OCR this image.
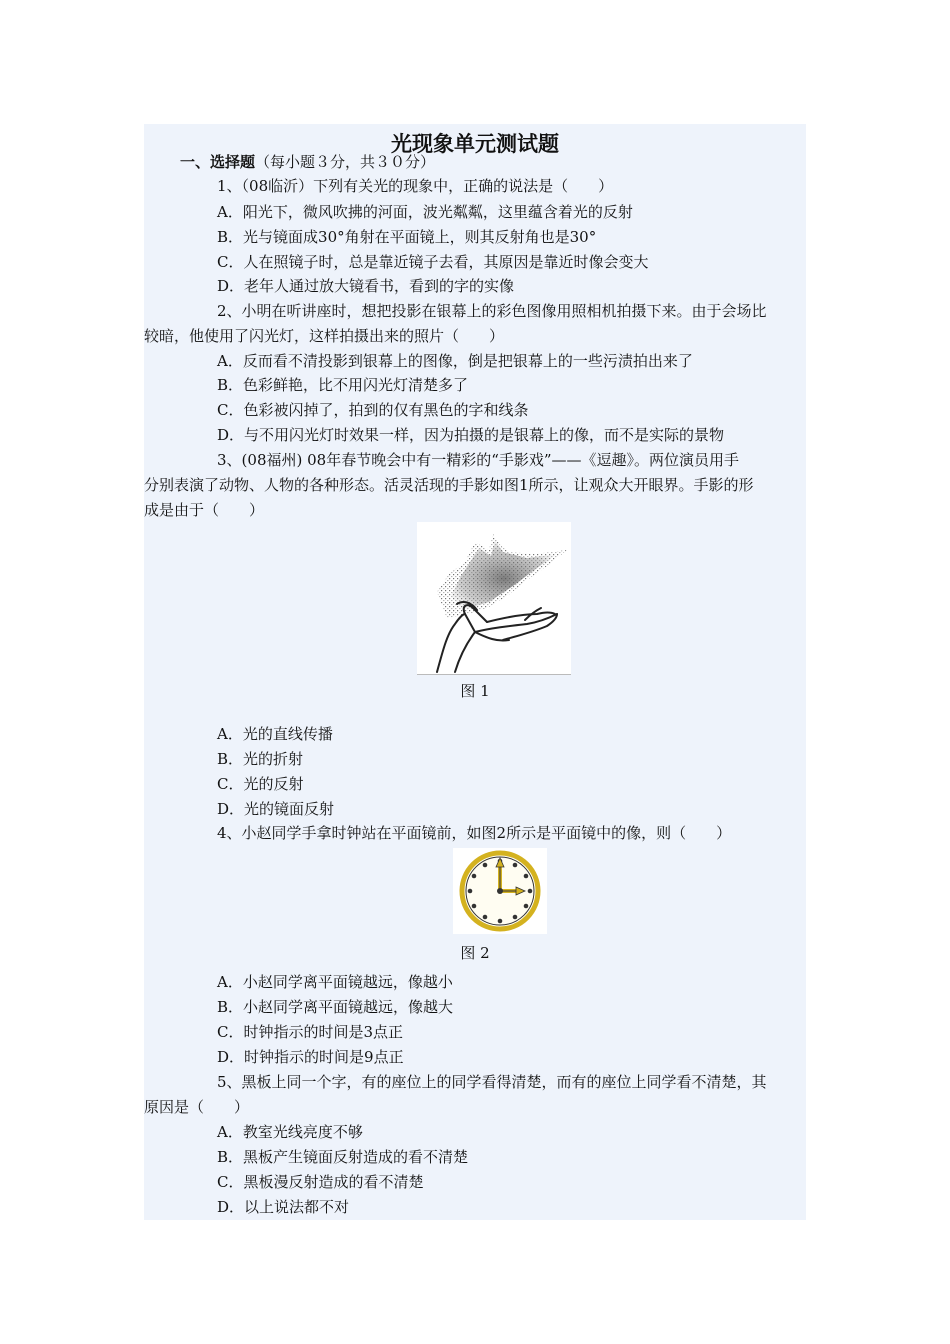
光现象单元测试题
一、选择题（每小题３分，共３０分）
1、（08临沂）下列有关光的现象中，正确的说法是（　　）
A．阳光下，微风吹拂的河面，波光粼粼，这里蕴含着光的反射
B．光与镜面成30°角射在平面镜上，则其反射角也是30°
C．人在照镜子时，总是靠近镜子去看，其原因是靠近时像会变大
D．老年人通过放大镜看书，看到的字的实像
2、小明在听讲座时，想把投影在银幕上的彩色图像用照相机拍摄下来。由于会场比
较暗，他使用了闪光灯，这样拍摄出来的照片（　　）
A．反而看不清投影到银幕上的图像，倒是把银幕上的一些污渍拍出来了
B．色彩鲜艳，比不用闪光灯清楚多了
C．色彩被闪掉了，拍到的仅有黑色的字和线条
D．与不用闪光灯时效果一样，因为拍摄的是银幕上的像，而不是实际的景物
3、(08福州) 08年春节晚会中有一精彩的“手影戏”——《逗趣》。两位演员用手
分别表演了动物、人物的各种形态。活灵活现的手影如图1所示，让观众大开眼界。手影的形
成是由于（　　）
图 1
A．光的直线传播
B．光的折射
C．光的反射
D．光的镜面反射
4、小赵同学手拿时钟站在平面镜前，如图2所示是平面镜中的像，则（　　）
图 2
A．小赵同学离平面镜越远，像越小
B．小赵同学离平面镜越远，像越大
C．时钟指示的时间是3点正
D．时钟指示的时间是9点正
5、黑板上同一个字，有的座位上的同学看得清楚，而有的座位上同学看不清楚，其
原因是（　　）
A．教室光线亮度不够
B．黑板产生镜面反射造成的看不清楚
C．黑板漫反射造成的看不清楚
D．以上说法都不对
